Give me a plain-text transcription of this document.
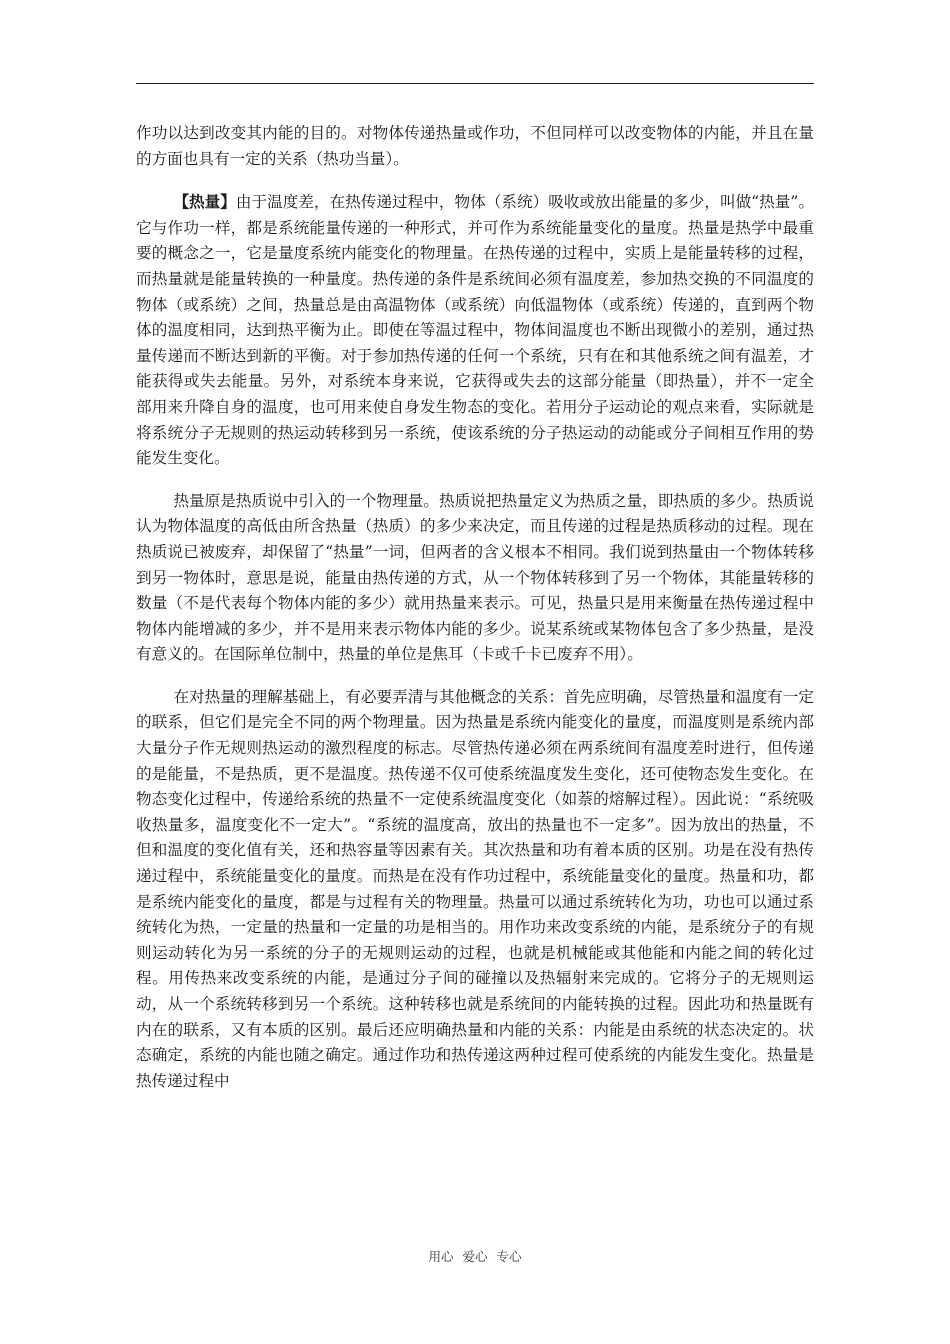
作功以达到改变其内能的目的。对物体传递热量或作功，不但同样可以改变物体的内能，并且在量的方面也具有一定的关系（热功当量）。

【热量】由于温度差，在热传递过程中，物体（系统）吸收或放出能量的多少，叫做“热量”。它与作功一样，都是系统能量传递的一种形式，并可作为系统能量变化的量度。热量是热学中最重要的概念之一，它是量度系统内能变化的物理量。在热传递的过程中，实质上是能量转移的过程，而热量就是能量转换的一种量度。热传递的条件是系统间必须有温度差，参加热交换的不同温度的物体（或系统）之间，热量总是由高温物体（或系统）向低温物体（或系统）传递的，直到两个物体的温度相同，达到热平衡为止。即使在等温过程中，物体间温度也不断出现微小的差别，通过热量传递而不断达到新的平衡。对于参加热传递的任何一个系统，只有在和其他系统之间有温差，才能获得或失去能量。另外，对系统本身来说，它获得或失去的这部分能量（即热量），并不一定全部用来升降自身的温度，也可用来使自身发生物态的变化。若用分子运动论的观点来看，实际就是将系统分子无规则的热运动转移到另一系统，使该系统的分子热运动的动能或分子间相互作用的势能发生变化。

热量原是热质说中引入的一个物理量。热质说把热量定义为热质之量，即热质的多少。热质说认为物体温度的高低由所含热量（热质）的多少来决定，而且传递的过程是热质移动的过程。现在热质说已被废弃，却保留了“热量”一词，但两者的含义根本不相同。我们说到热量由一个物体转移到另一物体时，意思是说，能量由热传递的方式，从一个物体转移到了另一个物体，其能量转移的数量（不是代表每个物体内能的多少）就用热量来表示。可见，热量只是用来衡量在热传递过程中物体内能增减的多少，并不是用来表示物体内能的多少。说某系统或某物体包含了多少热量，是没有意义的。在国际单位制中，热量的单位是焦耳（卡或千卡已废弃不用）。

在对热量的理解基础上，有必要弄清与其他概念的关系：首先应明确，尽管热量和温度有一定的联系，但它们是完全不同的两个物理量。因为热量是系统内能变化的量度，而温度则是系统内部大量分子作无规则热运动的激烈程度的标志。尽管热传递必须在两系统间有温度差时进行，但传递的是能量，不是热质，更不是温度。热传递不仅可使系统温度发生变化，还可使物态发生变化。在物态变化过程中，传递给系统的热量不一定使系统温度变化（如萘的熔解过程）。因此说：“系统吸收热量多，温度变化不一定大”。“系统的温度高，放出的热量也不一定多”。因为放出的热量，不但和温度的变化值有关，还和热容量等因素有关。其次热量和功有着本质的区别。功是在没有热传递过程中，系统能量变化的量度。而热是在没有作功过程中，系统能量变化的量度。热量和功，都是系统内能变化的量度，都是与过程有关的物理量。热量可以通过系统转化为功，功也可以通过系统转化为热，一定量的热量和一定量的功是相当的。用作功来改变系统的内能，是系统分子的有规则运动转化为另一系统的分子的无规则运动的过程，也就是机械能或其他能和内能之间的转化过程。用传热来改变系统的内能，是通过分子间的碰撞以及热辐射来完成的。它将分子的无规则运动，从一个系统转移到另一个系统。这种转移也就是系统间的内能转换的过程。因此功和热量既有内在的联系，又有本质的区别。最后还应明确热量和内能的关系：内能是由系统的状态决定的。状态确定，系统的内能也随之确定。通过作功和热传递这两种过程可使系统的内能发生变化。热量是热传递过程中

用心 爱心 专心
